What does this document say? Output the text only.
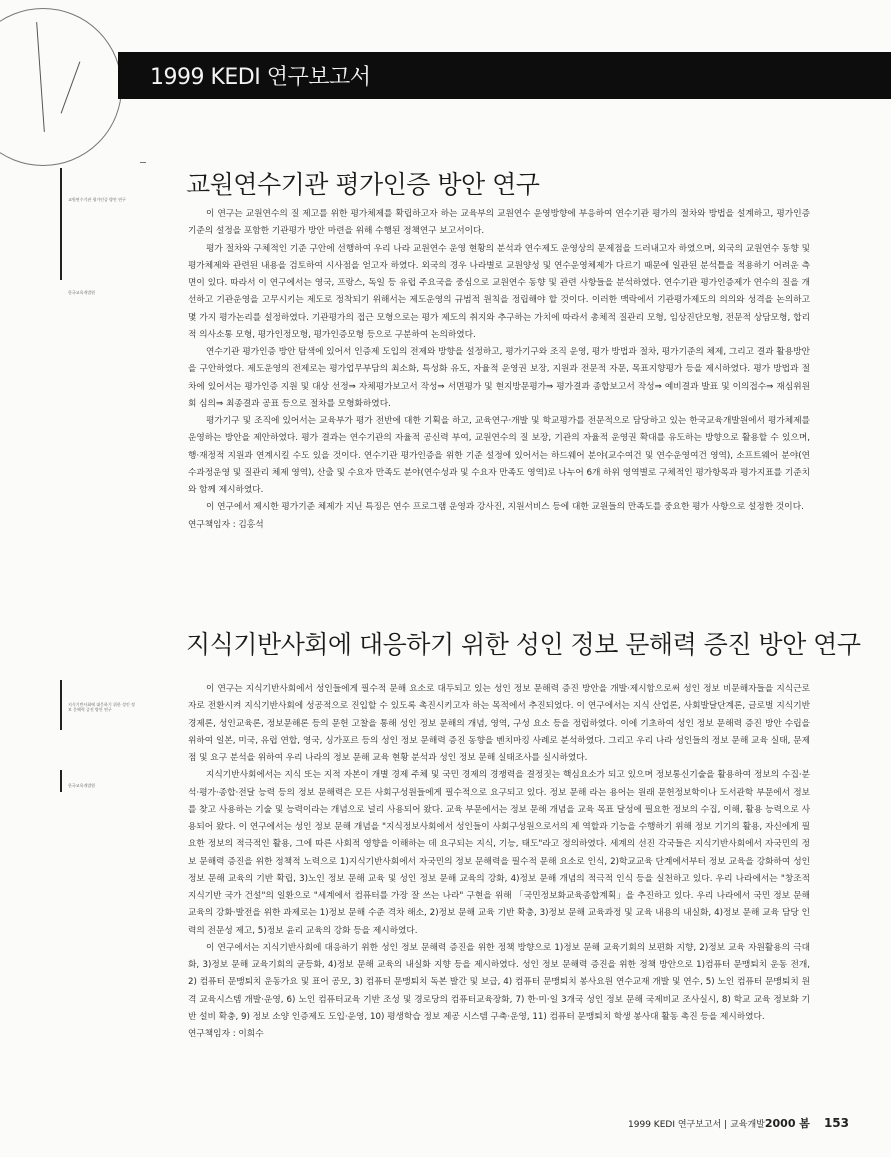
1999 KEDI 연구보고서
교원연수기관 평가인증 방안 연구
한국교육개발원
지식기반사회에 대응하기 위한 성인 정보 문해력 증진 방안 연구
한국교육개발원
교원연수기관 평가인증 방안 연구

이 연구는 교원연수의 질 제고를 위한 평가체제를 확립하고자 하는 교육부의 교원연수 운영방향에 부응하여 연수기관 평가의 절차와 방법을 설계하고, 평가인증 기준의 설정을 포함한 기관평가 방안 마련을 위해 수행된 정책연구 보고서이다.

평가 절차와 구체적인 기준 구안에 선행하여 우리 나라 교원연수 운영 현황의 분석과 연수제도 운영상의 문제점을 드러내고자 하였으며, 외국의 교원연수 동향 및 평가체제와 관련된 내용을 검토하여 시사점을 얻고자 하였다. 외국의 경우 나라별로 교원양성 및 연수운영체제가 다르기 때문에 일관된 분석틀을 적용하기 어려운 측면이 있다. 따라서 이 연구에서는 영국, 프랑스, 독일 등 유럽 주요국을 중심으로 교원연수 동향 및 관련 사항들을 분석하였다. 연수기관 평가인증제가 연수의 질을 개선하고 기관운영을 고무시키는 제도로 정착되기 위해서는 제도운영의 규범적 원칙을 정립해야 할 것이다. 이러한 맥락에서 기관평가제도의 의의와 성격을 논의하고 몇 가지 평가논리를 설정하였다. 기관평가의 접근 모형으로는 평가 제도의 취지와 추구하는 가치에 따라서 총체적 질관리 모형, 임상진단모형, 전문적 상담모형, 합리적 의사소통 모형, 평가인정모형, 평가인증모형 등으로 구분하여 논의하였다.

연수기관 평가인증 방안 탐색에 있어서 인증제 도입의 전제와 방향을 설정하고, 평가기구와 조직 운영, 평가 방법과 절차, 평가기준의 체제, 그리고 결과 활용방안을 구안하였다. 제도운영의 전제로는 평가업무부담의 최소화, 특성화 유도, 자율적 운영권 보장, 지원과 전문적 자문, 목표지향평가 등을 제시하였다. 평가 방법과 절차에 있어서는 평가인증 지원 및 대상 선정⇒ 자체평가보고서 작성⇒ 서면평가 및 현지방문평가⇒ 평가결과 종합보고서 작성⇒ 예비결과 발표 및 이의접수⇒ 재심위원회 심의⇒ 최종결과 공표 등으로 절차를 모형화하였다.

평가기구 및 조직에 있어서는 교육부가 평가 전반에 대한 기획을 하고, 교육연구·개발 및 학교평가를 전문적으로 담당하고 있는 한국교육개발원에서 평가체제를 운영하는 방안을 제안하였다. 평가 결과는 연수기관의 자율적 공신력 부여, 교원연수의 질 보장, 기관의 자율적 운영권 확대를 유도하는 방향으로 활용할 수 있으며, 행·재정적 지원과 연계시킬 수도 있을 것이다. 연수기관 평가인증을 위한 기준 설정에 있어서는 하드웨어 분야(교수여건 및 연수운영여건 영역), 소프트웨어 분야(연수과정운영 및 질관리 체제 영역), 산출 및 수요자 만족도 분야(연수성과 및 수요자 만족도 영역)로 나누어 6개 하위 영역별로 구체적인 평가항목과 평가지표를 기준치와 함께 제시하였다.

이 연구에서 제시한 평가기준 체제가 지닌 특징은 연수 프로그램 운영과 강사진, 지원서비스 등에 대한 교원들의 만족도를 중요한 평가 사항으로 설정한 것이다.

연구책임자 : 김홍석
지식기반사회에 대응하기 위한 성인 정보 문해력 증진 방안 연구

이 연구는 지식기반사회에서 성인들에게 필수적 문해 요소로 대두되고 있는 성인 정보 문해력 증진 방안을 개발·제시함으로써 성인 정보 비문해자들을 지식근로자로 전환시켜 지식기반사회에 성공적으로 진입할 수 있도록 촉진시키고자 하는 목적에서 추진되었다. 이 연구에서는 지식 산업론, 사회발달단계론, 글로벌 지식기반경제론, 성인교육론, 정보문해론 등의 문헌 고찰을 통해 성인 정보 문해의 개념, 영역, 구성 요소 등을 정립하였다. 이에 기초하여 성인 정보 문해력 증진 방안 수립을 위하여 일본, 미국, 유럽 연합, 영국, 싱가포르 등의 성인 정보 문해력 증진 동향을 벤치마킹 사례로 분석하였다. 그리고 우리 나라 성인들의 정보 문해 교육 실태, 문제점 및 요구 분석을 위하여 우리 나라의 정보 문해 교육 현황 분석과 성인 정보 문해 실태조사를 실시하였다.

지식기반사회에서는 지식 또는 지적 자본이 개별 경제 주체 및 국민 경제의 경쟁력을 결정짓는 핵심요소가 되고 있으며 정보통신기술을 활용하여 정보의 수집·분석·평가·종합·전달 능력 등의 정보 문해력은 모든 사회구성원들에게 필수적으로 요구되고 있다. 정보 문해 라는 용어는 원래 문헌정보학이나 도서관학 부문에서 정보를 찾고 사용하는 기술 및 능력이라는 개념으로 널리 사용되어 왔다. 교육 부문에서는 정보 문해 개념을 교육 목표 달성에 필요한 정보의 수집, 이해, 활용 능력으로 사용되어 왔다. 이 연구에서는 성인 정보 문해 개념을 "지식정보사회에서 성인들이 사회구성원으로서의 제 역할과 기능을 수행하기 위해 정보 기기의 활용, 자신에게 필요한 정보의 적극적인 활용, 그에 따른 사회적 영향을 이해하는 데 요구되는 지식, 기능, 태도"라고 정의하였다. 세계의 선진 각국들은 지식기반사회에서 자국민의 정보 문해력 증진을 위한 정책적 노력으로 1)지식기반사회에서 자국민의 정보 문해력을 필수적 문해 요소로 인식, 2)학교교육 단계에서부터 정보 교육을 강화하여 성인 정보 문해 교육의 기반 확립, 3)노인 정보 문해 교육 및 성인 정보 문해 교육의 강화, 4)정보 문해 개념의 적극적 인식 등을 실천하고 있다. 우리 나라에서는 "창조적 지식기반 국가 건설"의 일환으로 "세계에서 컴퓨터를 가장 잘 쓰는 나라" 구현을 위해 「국민정보화교육종합계획」을 추진하고 있다. 우리 나라에서 국민 정보 문해 교육의 강화·발전을 위한 과제로는 1)정보 문해 수준 격차 해소, 2)정보 문해 교육 기반 확충, 3)정보 문해 교육과정 및 교육 내용의 내실화, 4)정보 문해 교육 담당 인력의 전문성 제고, 5)정보 윤리 교육의 강화 등을 제시하였다.

이 연구에서는 지식기반사회에 대응하기 위한 성인 정보 문해력 증진을 위한 정책 방향으로 1)정보 문해 교육기회의 보편화 지향, 2)정보 교육 자원활용의 극대화, 3)정보 문해 교육기회의 균등화, 4)정보 문해 교육의 내실화 지향 등을 제시하였다. 성인 정보 문해력 증진을 위한 정책 방안으로 1)컴퓨터 문맹퇴치 운동 전개, 2) 컴퓨터 문맹퇴치 운동가요 및 표어 공모, 3) 컴퓨터 문맹퇴치 독본 발간 및 보급, 4) 컴퓨터 문맹퇴치 봉사요원 연수교재 개발 및 연수, 5) 노인 컴퓨터 문맹퇴치 원격 교육시스템 개발·운영, 6) 노인 컴퓨터교육 기반 조성 및 경로당의 컴퓨터교육장화, 7) 한·미·일 3개국 성인 정보 문해 국제비교 조사실시, 8) 학교 교육 정보화 기반 설비 확충, 9) 정보 소양 인증제도 도입·운영, 10) 평생학습 정보 제공 시스템 구축·운영, 11) 컴퓨터 문맹퇴치 학생 봉사대 활동 촉진 등을 제시하였다.

연구책임자 : 이희수
1999 KEDI 연구보고서 | 교육개발2000 봄 153
